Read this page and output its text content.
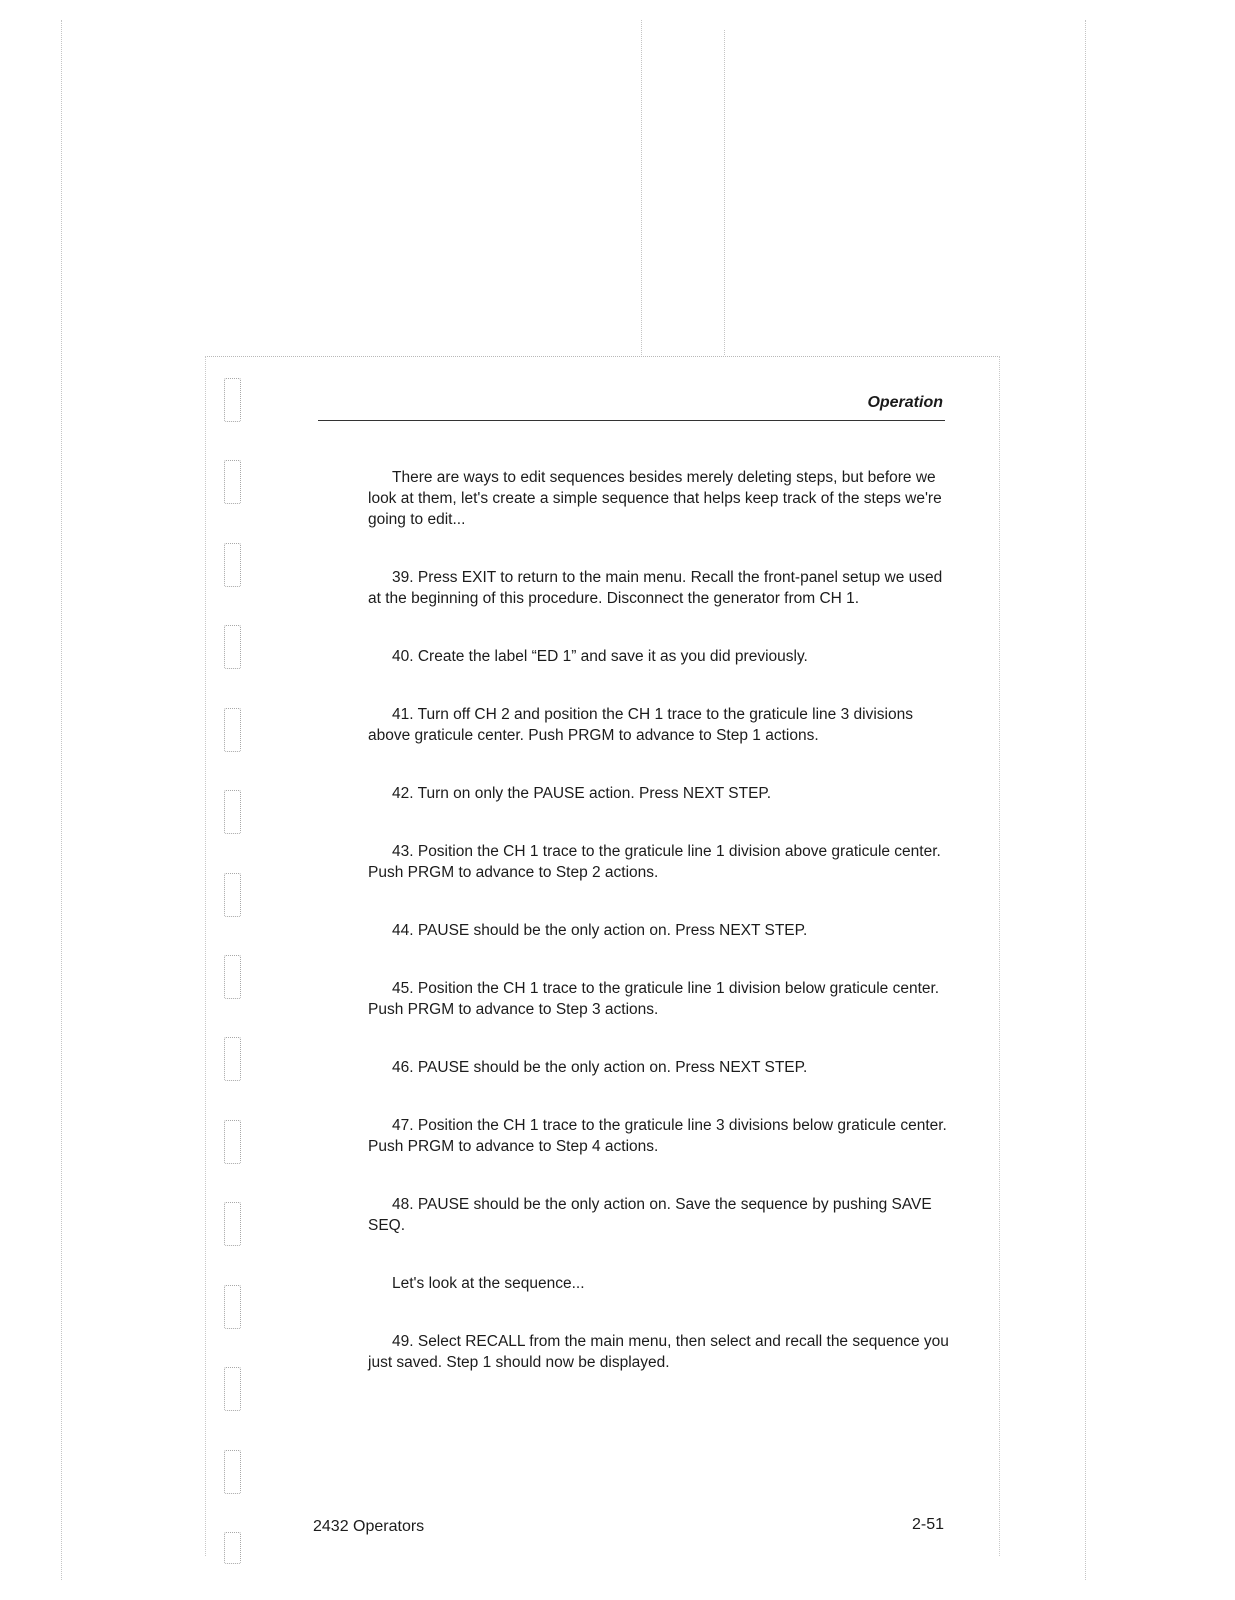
Operation

There are ways to edit sequences besides merely deleting steps, but before we look at them, let's create a simple sequence that helps keep track of the steps we're going to edit...

39. Press EXIT to return to the main menu. Recall the front-panel setup we used at the beginning of this procedure. Disconnect the generator from CH 1.

40. Create the label “ED 1” and save it as you did previously.

41. Turn off CH 2 and position the CH 1 trace to the graticule line 3 divisions above graticule center. Push PRGM to advance to Step 1 actions.

42. Turn on only the PAUSE action. Press NEXT STEP.

43. Position the CH 1 trace to the graticule line 1 division above graticule center. Push PRGM to advance to Step 2 actions.

44. PAUSE should be the only action on. Press NEXT STEP.

45. Position the CH 1 trace to the graticule line 1 division below graticule center. Push PRGM to advance to Step 3 actions.

46. PAUSE should be the only action on. Press NEXT STEP.

47. Position the CH 1 trace to the graticule line 3 divisions below graticule center. Push PRGM to advance to Step 4 actions.

48. PAUSE should be the only action on. Save the sequence by pushing SAVE SEQ.

Let's look at the sequence...

49. Select RECALL from the main menu, then select and recall the sequence you just saved. Step 1 should now be displayed.

2432 Operators	2-51
